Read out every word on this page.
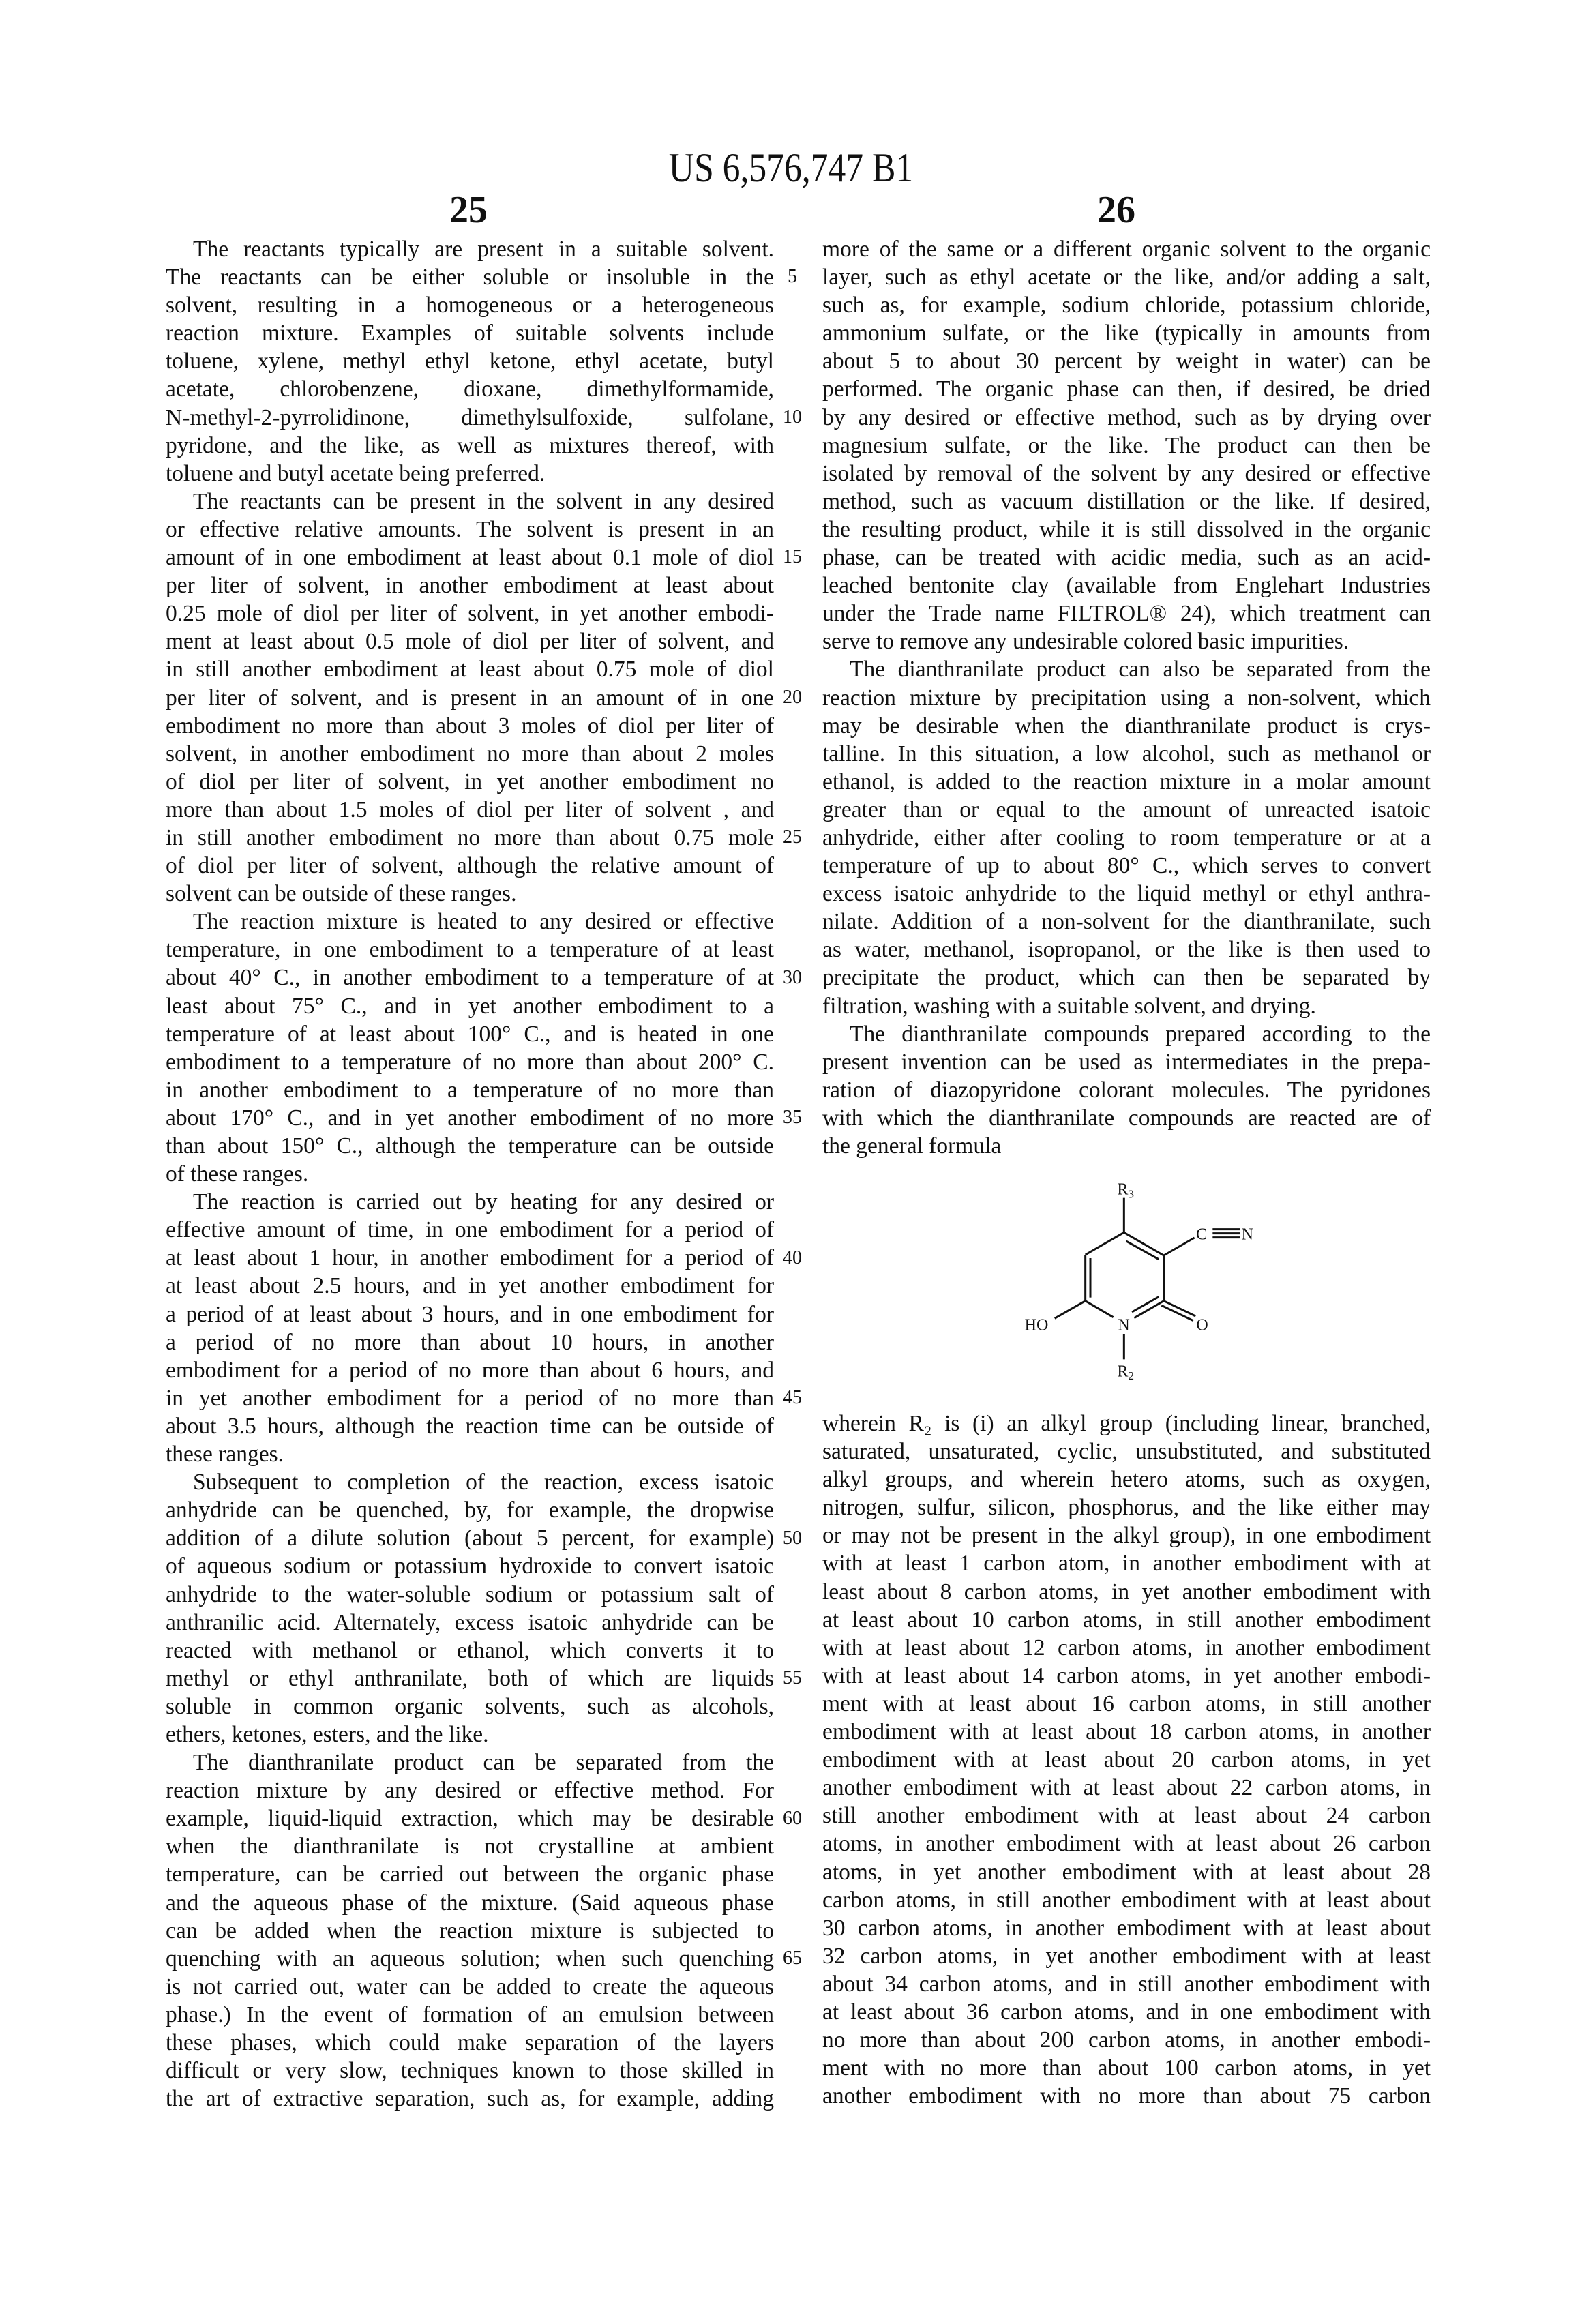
US 6,576,747 B1
25	26
The reactants typically are present in a suitable solvent.
The reactants can be either soluble or insoluble in the
solvent, resulting in a homogeneous or a heterogeneous
reaction mixture. Examples of suitable solvents include
toluene, xylene, methyl ethyl ketone, ethyl acetate, butyl
acetate, chlorobenzene, dioxane, dimethylformamide,
N-methyl-2-pyrrolidinone, dimethylsulfoxide, sulfolane,
pyridone, and the like, as well as mixtures thereof, with
toluene and butyl acetate being preferred.
The reactants can be present in the solvent in any desired
or effective relative amounts. The solvent is present in an
amount of in one embodiment at least about 0.1 mole of diol
per liter of solvent, in another embodiment at least about
0.25 mole of diol per liter of solvent, in yet another embodi-
ment at least about 0.5 mole of diol per liter of solvent, and
in still another embodiment at least about 0.75 mole of diol
per liter of solvent, and is present in an amount of in one
embodiment no more than about 3 moles of diol per liter of
solvent, in another embodiment no more than about 2 moles
of diol per liter of solvent, in yet another embodiment no
more than about 1.5 moles of diol per liter of solvent , and
in still another embodiment no more than about 0.75 mole
of diol per liter of solvent, although the relative amount of
solvent can be outside of these ranges.
The reaction mixture is heated to any desired or effective
temperature, in one embodiment to a temperature of at least
about 40° C., in another embodiment to a temperature of at
least about 75° C., and in yet another embodiment to a
temperature of at least about 100° C., and is heated in one
embodiment to a temperature of no more than about 200° C.
in another embodiment to a temperature of no more than
about 170° C., and in yet another embodiment of no more
than about 150° C., although the temperature can be outside
of these ranges.
The reaction is carried out by heating for any desired or
effective amount of time, in one embodiment for a period of
at least about 1 hour, in another embodiment for a period of
at least about 2.5 hours, and in yet another embodiment for
a period of at least about 3 hours, and in one embodiment for
a period of no more than about 10 hours, in another
embodiment for a period of no more than about 6 hours, and
in yet another embodiment for a period of no more than
about 3.5 hours, although the reaction time can be outside of
these ranges.
Subsequent to completion of the reaction, excess isatoic
anhydride can be quenched, by, for example, the dropwise
addition of a dilute solution (about 5 percent, for example)
of aqueous sodium or potassium hydroxide to convert isatoic
anhydride to the water-soluble sodium or potassium salt of
anthranilic acid. Alternately, excess isatoic anhydride can be
reacted with methanol or ethanol, which converts it to
methyl or ethyl anthranilate, both of which are liquids
soluble in common organic solvents, such as alcohols,
ethers, ketones, esters, and the like.
The dianthranilate product can be separated from the
reaction mixture by any desired or effective method. For
example, liquid-liquid extraction, which may be desirable
when the dianthranilate is not crystalline at ambient
temperature, can be carried out between the organic phase
and the aqueous phase of the mixture. (Said aqueous phase
can be added when the reaction mixture is subjected to
quenching with an aqueous solution; when such quenching
is not carried out, water can be added to create the aqueous
phase.) In the event of formation of an emulsion between
these phases, which could make separation of the layers
difficult or very slow, techniques known to those skilled in
the art of extractive separation, such as, for example, adding
more of the same or a different organic solvent to the organic
layer, such as ethyl acetate or the like, and/or adding a salt,
such as, for example, sodium chloride, potassium chloride,
ammonium sulfate, or the like (typically in amounts from
about 5 to about 30 percent by weight in water) can be
performed. The organic phase can then, if desired, be dried
by any desired or effective method, such as by drying over
magnesium sulfate, or the like. The product can then be
isolated by removal of the solvent by any desired or effective
method, such as vacuum distillation or the like. If desired,
the resulting product, while it is still dissolved in the organic
phase, can be treated with acidic media, such as an acid-
leached bentonite clay (available from Englehart Industries
under the Trade name FILTROL® 24), which treatment can
serve to remove any undesirable colored basic impurities.
The dianthranilate product can also be separated from the
reaction mixture by precipitation using a non-solvent, which
may be desirable when the dianthranilate product is crys-
talline. In this situation, a low alcohol, such as methanol or
ethanol, is added to the reaction mixture in a molar amount
greater than or equal to the amount of unreacted isatoic
anhydride, either after cooling to room temperature or at a
temperature of up to about 80° C., which serves to convert
excess isatoic anhydride to the liquid methyl or ethyl anthra-
nilate. Addition of a non-solvent for the dianthranilate, such
as water, methanol, isopropanol, or the like is then used to
precipitate the product, which can then be separated by
filtration, washing with a suitable solvent, and drying.
The dianthranilate compounds prepared according to the
present invention can be used as intermediates in the prepa-
ration of diazopyridone colorant molecules. The pyridones
with which the dianthranilate compounds are reacted are of
the general formula
wherein R₂ is (i) an alkyl group (including linear, branched,
saturated, unsaturated, cyclic, unsubstituted, and substituted
alkyl groups, and wherein hetero atoms, such as oxygen,
nitrogen, sulfur, silicon, phosphorus, and the like either may
or may not be present in the alkyl group), in one embodiment
with at least 1 carbon atom, in another embodiment with at
least about 8 carbon atoms, in yet another embodiment with
at least about 10 carbon atoms, in still another embodiment
with at least about 12 carbon atoms, in another embodiment
with at least about 14 carbon atoms, in yet another embodi-
ment with at least about 16 carbon atoms, in still another
embodiment with at least about 18 carbon atoms, in another
embodiment with at least about 20 carbon atoms, in yet
another embodiment with at least about 22 carbon atoms, in
still another embodiment with at least about 24 carbon
atoms, in another embodiment with at least about 26 carbon
atoms, in yet another embodiment with at least about 28
carbon atoms, in still another embodiment with at least about
30 carbon atoms, in another embodiment with at least about
32 carbon atoms, in yet another embodiment with at least
about 34 carbon atoms, and in still another embodiment with
at least about 36 carbon atoms, and in one embodiment with
no more than about 200 carbon atoms, in another embodi-
ment with no more than about 100 carbon atoms, in yet
another embodiment with no more than about 75 carbon
5
10
15
20
25
30
35
40
45
50
55
60
65
R3
C N
HO N O
R2
